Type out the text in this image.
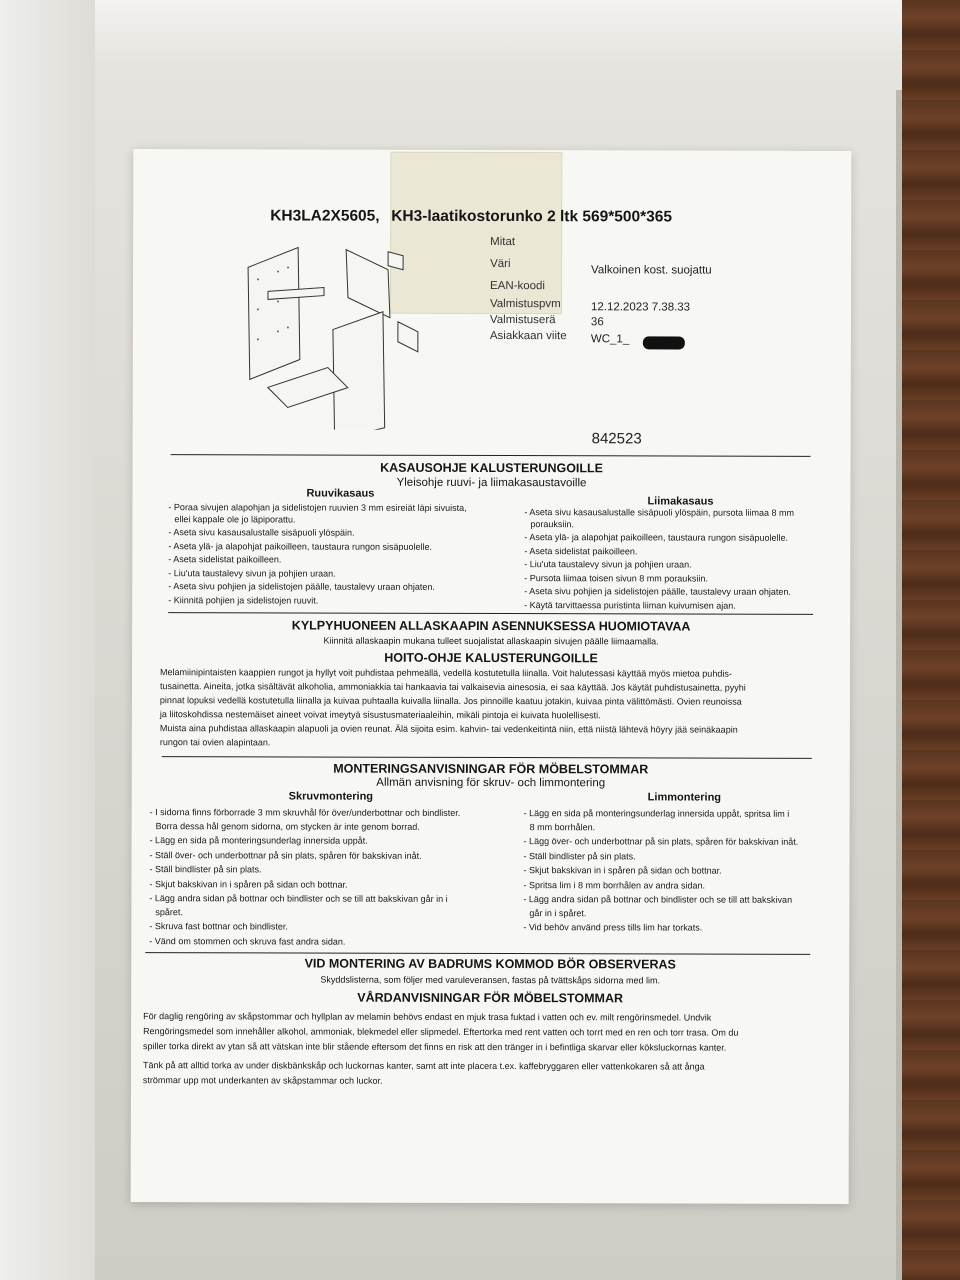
KH3LA2X5605, KH3-laatikostorunko 2 ltk 569*500*365
Mitat
Väri
Valkoinen kost. suojattu
EAN-koodi
Valmistuspvm	12.12.2023 7.38.33
Valmistuserä	36
Asiakkaan viite WC_1_
842523
KASAUSOHJE KALUSTERUNGOILLE
Yleisohje ruuvi- ja liimakasaustavoille
Ruuvikasaus
Liimakasaus
- Poraa sivujen alapohjan ja sidelistojen ruuvien 3 mm esireiät läpi sivuista,
ellei kappale ole jo läpiporattu.
- Aseta sivu kasausalustalle sisäpuoli ylöspäin.
- Aseta ylä- ja alapohjat paikoilleen, taustaura rungon sisäpuolelle.
- Aseta sidelistat paikoilleen.
- Liu'uta taustalevy sivun ja pohjien uraan.
- Aseta sivu pohjien ja sidelistojen päälle, taustalevy uraan ohjaten.
- Kiinnitä pohjien ja sidelistojen ruuvit.
- Aseta sivu kasausalustalle sisäpuoli ylöspäin, pursota liimaa 8 mm
porauksiin.
- Aseta ylä- ja alapohjat paikoilleen, taustaura rungon sisäpuolelle.
- Aseta sidelistat paikoilleen.
- Liu'uta taustalevy sivun ja pohjien uraan.
- Pursota liimaa toisen sivun 8 mm porauksiin.
- Aseta sivu pohjien ja sidelistojen päälle, taustalevy uraan ohjaten.
- Käytä tarvittaessa puristinta liiman kuivumisen ajan.
KYLPYHUONEEN ALLASKAAPIN ASENNUKSESSA HUOMIOTAVAA
Kiinnitä allaskaapin mukana tulleet suojalistat allaskaapin sivujen päälle liimaamalla.
HOITO-OHJE KALUSTERUNGOILLE
Melamiinipintaisten kaappien rungot ja hyllyt voit puhdistaa pehmeällä, vedellä kostutetulla liinalla. Voit halutessasi käyttää myös mietoa puhdis-
tusainetta. Aineita, jotka sisältävät alkoholia, ammoniakkia tai hankaavia tai valkaisevia ainesosia, ei saa käyttää. Jos käytät puhdistusainetta, pyyhi
pinnat lopuksi vedellä kostutetulla liinalla ja kuivaa puhtaalla kuivalla liinalla. Jos pinnoille kaatuu jotakin, kuivaa pinta välittömästi. Ovien reunoissa
ja liitoskohdissa nestemäiset aineet voivat imeytyä sisustusmateriaaleihin, mikäli pintoja ei kuivata huolellisesti.
Muista aina puhdistaa allaskaapin alapuoli ja ovien reunat. Älä sijoita esim. kahvin- tai vedenkeitintä niin, että niistä lähtevä höyry jää seinäkaapin
rungon tai ovien alapintaan.
MONTERINGSANVISNINGAR FÖR MÖBELSTOMMAR
Allmän anvisning för skruv- och limmontering
Skruvmontering	Limmontering
- I sidorna finns förborrade 3 mm skruvhål för över/underbottnar och bindlister.
Borra dessa hål genom sidorna, om stycken är inte genom borrad.
- Lägg en sida på monteringsunderlag innersida uppåt.
- Ställ över- och underbottnar på sin plats, spåren för bakskivan inåt.
- Ställ bindlister på sin plats.
- Skjut bakskivan in i spåren på sidan och bottnar.
- Lägg andra sidan på bottnar och bindlister och se till att bakskivan går in i
spåret.
- Skruva fast bottnar och bindlister.
- Vänd om stommen och skruva fast andra sidan.
- Lägg en sida på monteringsunderlag innersida uppåt, spritsa lim i
8 mm borrhålen.
- Lägg över- och underbottnar på sin plats, spåren för bakskivan inåt.
- Ställ bindlister på sin plats.
- Skjut bakskivan in i spåren på sidan och bottnar.
- Spritsa lim i 8 mm borrhålen av andra sidan.
- Lägg andra sidan på bottnar och bindlister och se till att bakskivan
går in i spåret.
- Vid behöv använd press tills lim har torkats.
VID MONTERING AV BADRUMS KOMMOD BÖR OBSERVERAS
Skyddslisterna, som följer med varuleveransen, fastas på tvättskåps sidorna med lim.
VÅRDANVISNINGAR FÖR MÖBELSTOMMAR
För daglig rengöring av skåpstommar och hyllplan av melamin behövs endast en mjuk trasa fuktad i vatten och ev. milt rengörinsmedel. Undvik
Rengöringsmedel som innehåller alkohol, ammoniak, blekmedel eller slipmedel. Eftertorka med rent vatten och torrt med en ren och torr trasa. Om du
spiller torka direkt av ytan så att vätskan inte blir stående eftersom det finns en risk att den tränger in i befintliga skarvar eller köksluckornas kanter.
Tänk på att alltid torka av under diskbänkskåp och luckornas kanter, samt att inte placera t.ex. kaffebryggaren eller vattenkokaren så att ånga
strömmar upp mot underkanten av skåpstammar och luckor.
